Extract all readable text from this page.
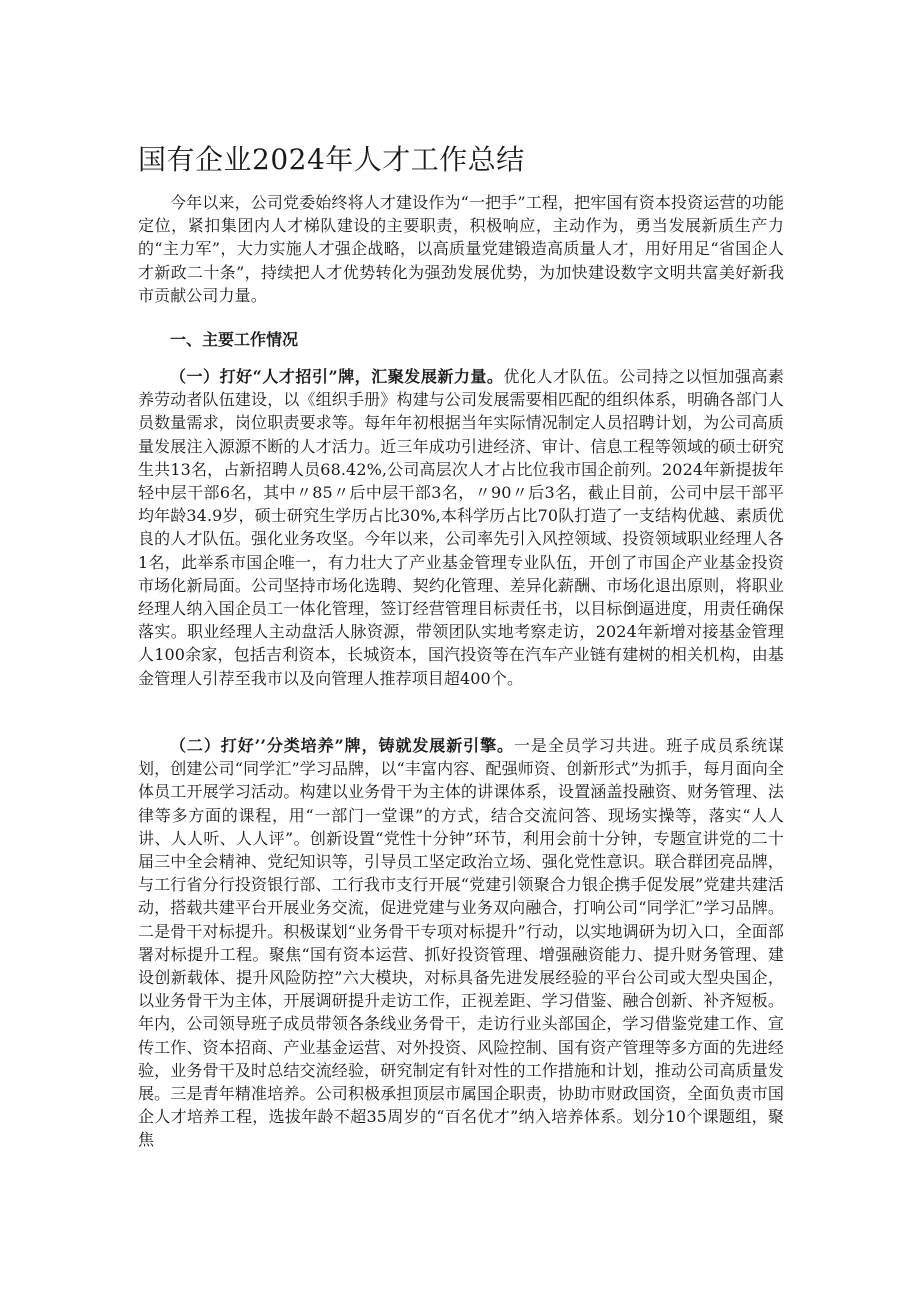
国有企业2024年人才工作总结

今年以来，公司党委始终将人才建设作为“一把手”工程，把牢国有资本投资运营的功能定位，紧扣集团内人才梯队建设的主要职责，积极响应，主动作为，勇当发展新质生产力的“主力军”，大力实施人才强企战略，以高质量党建锻造高质量人才，用好用足“省国企人才新政二十条”，持续把人才优势转化为强劲发展优势，为加快建设数字文明共富美好新我市贡献公司力量。

一、主要工作情况

（一）打好“人才招引”牌，汇聚发展新力量。优化人才队伍。公司持之以恒加强高素养劳动者队伍建设，以《组织手册》构建与公司发展需要相匹配的组织体系，明确各部门人员数量需求，岗位职责要求等。每年年初根据当年实际情况制定人员招聘计划，为公司高质量发展注入源源不断的人才活力。近三年成功引进经济、审计、信息工程等领域的硕士研究生共13名，占新招聘人员68.42%,公司高层次人才占比位我市国企前列。2024年新提拔年轻中层干部6名，其中〃85〃后中层干部3名，〃90〃后3名，截止目前，公司中层干部平均年龄34.9岁，硕士研究生学历占比30%,本科学历占比70队打造了一支结构优越、素质优良的人才队伍。强化业务攻坚。今年以来，公司率先引入风控领域、投资领域职业经理人各1名，此举系市国企唯一，有力壮大了产业基金管理专业队伍，开创了市国企产业基金投资市场化新局面。公司坚持市场化选聘、契约化管理、差异化薪酬、市场化退出原则，将职业经理人纳入国企员工一体化管理，签订经营管理目标责任书，以目标倒逼进度，用责任确保落实。职业经理人主动盘活人脉资源，带领团队实地考察走访，2024年新增对接基金管理人100余家，包括吉利资本，长城资本，国汽投资等在汽车产业链有建树的相关机构，由基金管理人引荐至我市以及向管理人推荐项目超400个。

（二）打好’’分类培养”牌，铸就发展新引擎。一是全员学习共进。班子成员系统谋划，创建公司“同学汇”学习品牌，以“丰富内容、配强师资、创新形式”为抓手，每月面向全体员工开展学习活动。构建以业务骨干为主体的讲课体系，设置涵盖投融资、财务管理、法律等多方面的课程，用“一部门一堂课”的方式，结合交流问答、现场实操等，落实“人人讲、人人听、人人评”。创新设置“党性十分钟”环节，利用会前十分钟，专题宣讲党的二十届三中全会精神、党纪知识等，引导员工坚定政治立场、强化党性意识。联合群团亮品牌，与工行省分行投资银行部、工行我市支行开展“党建引领聚合力银企携手促发展”党建共建活动，搭载共建平台开展业务交流，促进党建与业务双向融合，打响公司“同学汇”学习品牌。二是骨干对标提升。积极谋划“业务骨干专项对标提升”行动，以实地调研为切入口，全面部署对标提升工程。聚焦“国有资本运营、抓好投资管理、增强融资能力、提升财务管理、建设创新载体、提升风险防控”六大模块，对标具备先进发展经验的平台公司或大型央国企，以业务骨干为主体，开展调研提升走访工作，正视差距、学习借鉴、融合创新、补齐短板。年内，公司领导班子成员带领各条线业务骨干，走访行业头部国企，学习借鉴党建工作、宣传工作、资本招商、产业基金运营、对外投资、风险控制、国有资产管理等多方面的先进经验，业务骨干及时总结交流经验，研究制定有针对性的工作措施和计划，推动公司高质量发展。三是青年精准培养。公司积极承担顶层市属国企职责，协助市财政国资，全面负责市国企人才培养工程，选拔年龄不超35周岁的“百名优才”纳入培养体系。划分10个课题组，聚焦
